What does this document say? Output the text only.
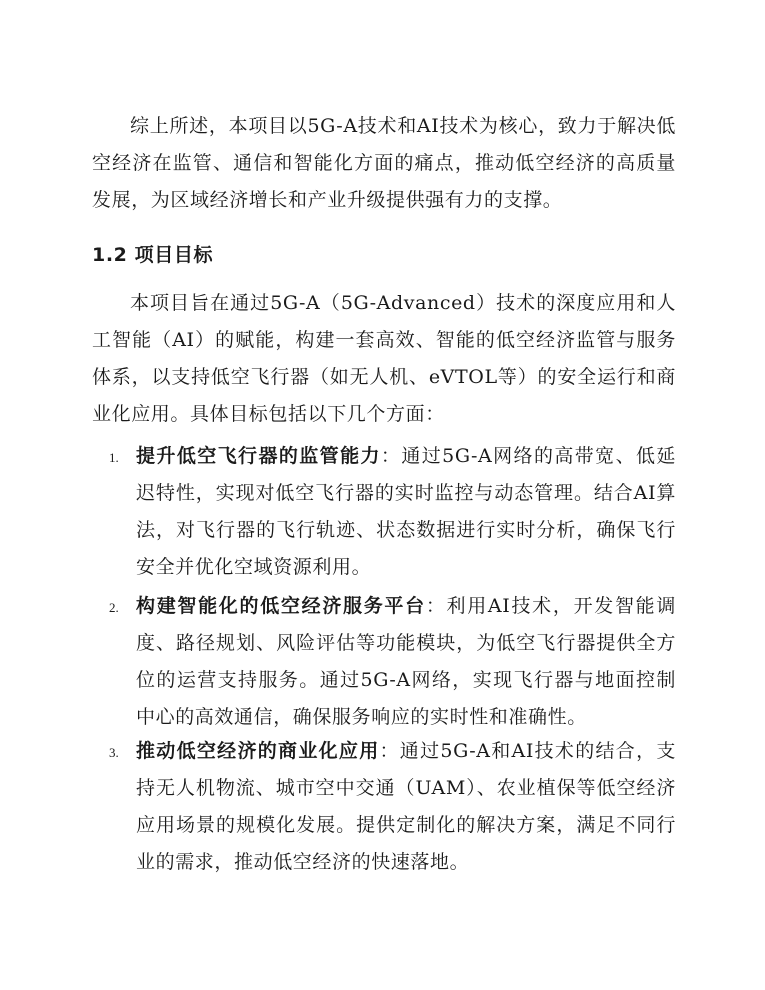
综上所述，本项目以5G-A技术和AI技术为核心，致力于解决低空经济在监管、通信和智能化方面的痛点，推动低空经济的高质量发展，为区域经济增长和产业升级提供强有力的支撑。

1.2 项目目标

本项目旨在通过5G-A（5G-Advanced）技术的深度应用和人工智能（AI）的赋能，构建一套高效、智能的低空经济监管与服务体系，以支持低空飞行器（如无人机、eVTOL等）的安全运行和商业化应用。具体目标包括以下几个方面：

1. 提升低空飞行器的监管能力：通过5G-A网络的高带宽、低延迟特性，实现对低空飞行器的实时监控与动态管理。结合AI算法，对飞行器的飞行轨迹、状态数据进行实时分析，确保飞行安全并优化空域资源利用。

2. 构建智能化的低空经济服务平台：利用AI技术，开发智能调度、路径规划、风险评估等功能模块，为低空飞行器提供全方位的运营支持服务。通过5G-A网络，实现飞行器与地面控制中心的高效通信，确保服务响应的实时性和准确性。

3. 推动低空经济的商业化应用：通过5G-A和AI技术的结合，支持无人机物流、城市空中交通（UAM）、农业植保等低空经济应用场景的规模化发展。提供定制化的解决方案，满足不同行业的需求，推动低空经济的快速落地。
